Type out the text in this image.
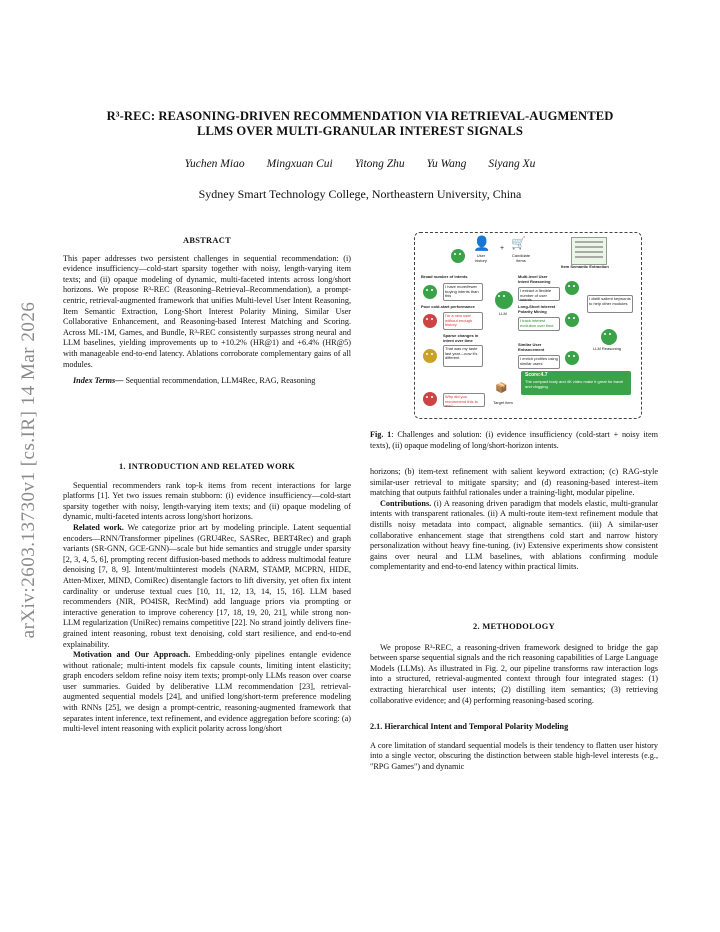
arXiv:2603.13730v1 [cs.IR] 14 Mar 2026
R³-REC: REASONING-DRIVEN RECOMMENDATION VIA RETRIEVAL-AUGMENTED
LLMS OVER MULTI-GRANULAR INTEREST SIGNALS
Yuchen Miao Mingxuan Cui Yitong Zhu Yu Wang Siyang Xu
Sydney Smart Technology College, Northeastern University, China
ABSTRACT

This paper addresses two persistent challenges in sequential recommendation: (i) evidence insufficiency—cold-start sparsity together with noisy, length-varying item texts; and (ii) opaque modeling of dynamic, multi-faceted intents across long/short horizons. We propose R³-REC (Reasoning–Retrieval–Recommendation), a prompt-centric, retrieval-augmented framework that unifies Multi-level User Intent Reasoning, Item Semantic Extraction, Long-Short Interest Polarity Mining, Similar User Collaborative Enhancement, and Reasoning-based Interest Matching and Scoring. Across ML-1M, Games, and Bundle, R³-REC consistently surpasses strong neural and LLM baselines, yielding improvements up to +10.2% (HR@1) and +6.4% (HR@5) with manageable end-to-end latency. Ablations corroborate complementary gains of all modules.

Index Terms— Sequential recommendation, LLM4Rec, RAG, Reasoning

1. INTRODUCTION AND RELATED WORK

Sequential recommenders rank top-k items from recent interactions for large platforms [1]. Yet two issues remain stubborn: (i) evidence insufficiency—cold-start sparsity together with noisy, length-varying item texts; and (ii) opaque modeling of dynamic, multi-faceted intents across long/short horizons.

Related work. We categorize prior art by modeling principle. Latent sequential encoders—RNN/Transformer pipelines (GRU4Rec, SASRec, BERT4Rec) and graph variants (SR-GNN, GCE-GNN)—scale but hide semantics and struggle under sparsity [2, 3, 4, 5, 6], prompting recent diffusion-based methods to address multimodal feature denoising [7, 8, 9]. Intent/multiinterest models (NARM, STAMP, MCPRN, HIDE, Atten-Mixer, MIND, ComiRec) disentangle factors to lift diversity, yet often fix intent cardinality or underuse textual cues [10, 11, 12, 13, 14, 15, 16]. LLM based recommenders (NIR, PO4ISR, RecMind) add language priors via prompting or interactive generation to improve coherency [17, 18, 19, 20, 21], while strong non-LLM regularization (UniRec) remains competitive [22]. No strand jointly delivers fine-grained intent reasoning, robust text denoising, cold start resilience, and end-to-end explainability.

Motivation and Our Approach. Embedding-only pipelines entangle evidence without rationale; multi-intent models fix capsule counts, limiting intent elasticity; graph encoders seldom refine noisy item texts; prompt-only LLMs reason over coarse user summaries. Guided by deliberative LLM recommendation [23], retrieval-augmented sequential models [24], and unified long/short-term preference modeling with RNNs [25], we design a prompt-centric, reasoning-augmented framework that separates intent inference, text refinement, and evidence aggregation before scoring: (a) multi-level intent reasoning with explicit polarity across long/short

👤
User history
+ 🛒
Candidate items
Item Semantic Extraction
Broad number of intents
I have more/fewer buying intents than this
Poor cold-start performance
I'm a new user without enough history
Sparse changes in intent over time
That was my taste last year—now it's different
Why did you recommend this to me?
LLM
📦
Target item
Multi-level User Intent Reasoning
I extract a flexible number of user intents
Long-Short Interest Polarity Mining
I track interest evolution over time
Similar User Enhancement
I enrich profiles using similar users
I distill salient keywords to help other modules
LLM Reasoning
Score:4.7
The compact body and 4K video make it great for travel and vlogging.
Fig. 1: Challenges and solution: (i) evidence insufficiency (cold-start + noisy item texts), (ii) opaque modeling of long/short-horizon intents.

horizons; (b) item-text refinement with salient keyword extraction; (c) RAG-style similar-user retrieval to mitigate sparsity; and (d) reasoning-based interest–item matching that outputs faithful rationales under a training-light, modular pipeline.

Contributions. (i) A reasoning driven paradigm that models elastic, multi-granular intents with transparent rationales. (ii) A multi-route item-text refinement module that distills noisy metadata into compact, alignable semantics. (iii) A similar-user collaborative enhancement stage that strengthens cold start and narrow history personalization without heavy fine-tuning. (iv) Extensive experiments show consistent gains over neural and LLM baselines, with ablations confirming module complementarity and end-to-end latency within practical limits.

2. METHODOLOGY

We propose R³-REC, a reasoning-driven framework designed to bridge the gap between sparse sequential signals and the rich reasoning capabilities of Large Language Models (LLMs). As illustrated in Fig. 2, our pipeline transforms raw interaction logs into a structured, retrieval-augmented context through four integrated stages: (1) extracting hierarchical user intents; (2) distilling item semantics; (3) retrieving collaborative evidence; and (4) performing reasoning-based scoring.

2.1. Hierarchical Intent and Temporal Polarity Modeling

A core limitation of standard sequential models is their tendency to flatten user history into a single vector, obscuring the distinction between stable high-level interests (e.g., "RPG Games") and dynamic
